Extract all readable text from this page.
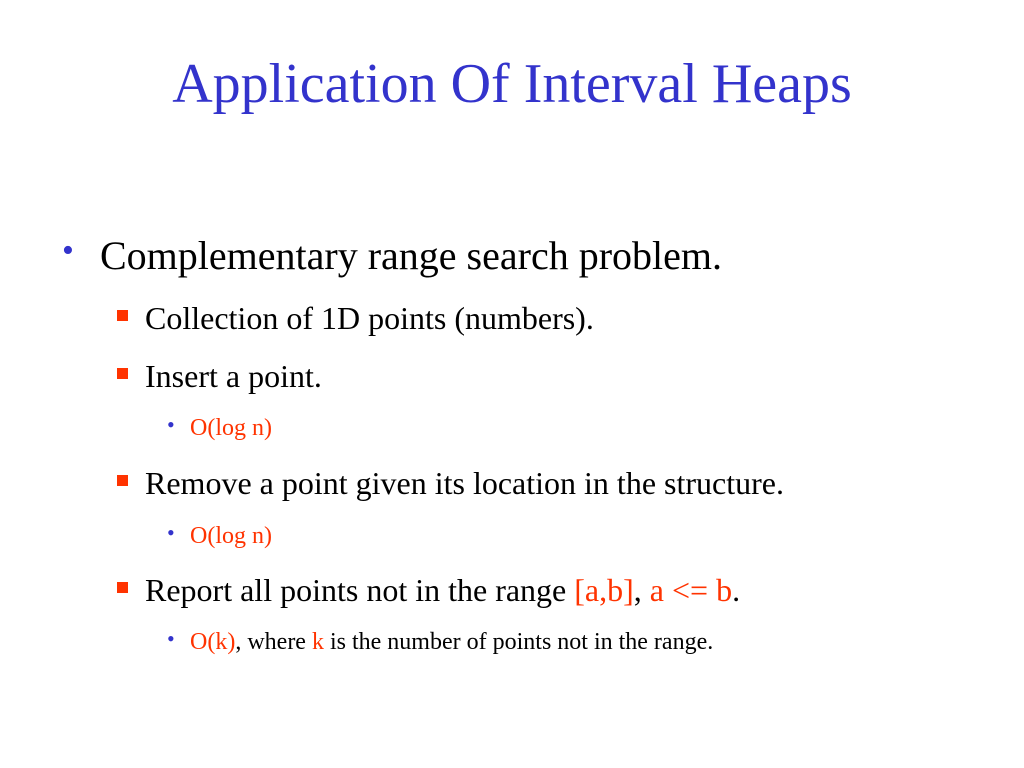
Application Of Interval Heaps
• Complementary range search problem.
Collection of 1D points (numbers).
Insert a point.
• O(log n)
Remove a point given its location in the structure.
• O(log n)
Report all points not in the range [a,b], a <= b.
• O(k), where k is the number of points not in the range.
